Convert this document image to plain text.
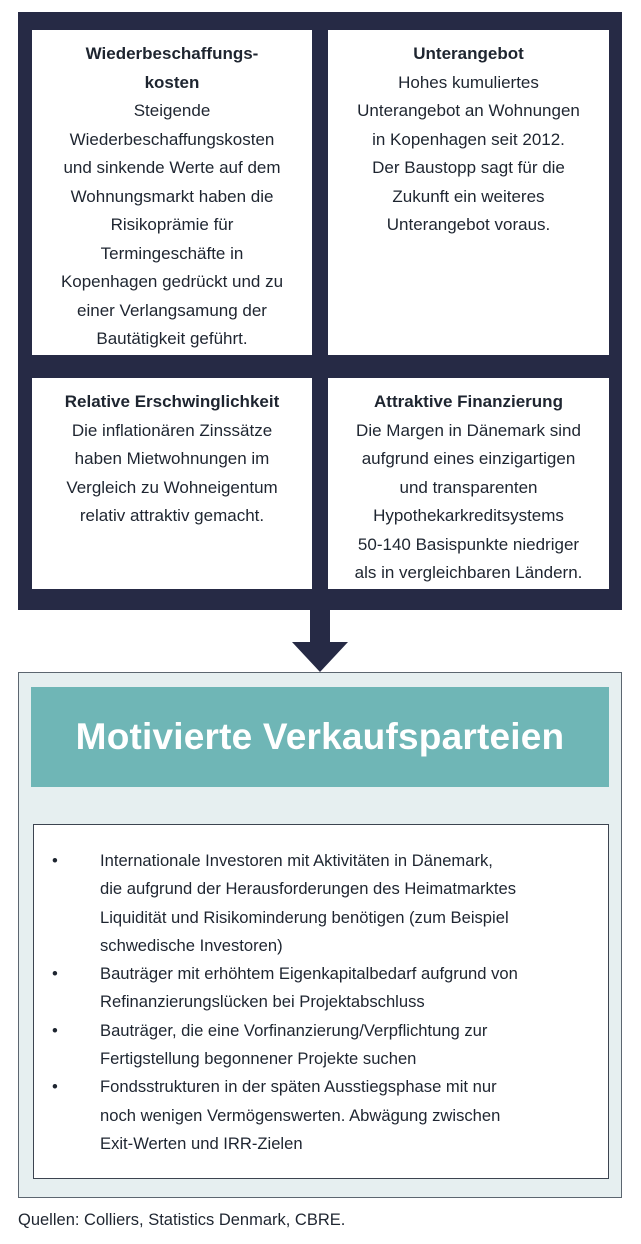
Wiederbeschaffungs-
kosten
Steigende
Wiederbeschaffungskosten
und sinkende Werte auf dem
Wohnungsmarkt haben die
Risikoprämie für
Termingeschäfte in
Kopenhagen gedrückt und zu
einer Verlangsamung der
Bautätigkeit geführt.
Unterangebot
Hohes kumuliertes
Unterangebot an Wohnungen
in Kopenhagen seit 2012.
Der Baustopp sagt für die
Zukunft ein weiteres
Unterangebot voraus.
Relative Erschwinglichkeit
Die inflationären Zinssätze
haben Mietwohnungen im
Vergleich zu Wohneigentum
relativ attraktiv gemacht.
Attraktive Finanzierung
Die Margen in Dänemark sind
aufgrund eines einzigartigen
und transparenten
Hypothekarkreditsystems
50-140 Basispunkte niedriger
als in vergleichbaren Ländern.
Motivierte Verkaufsparteien
•	Internationale Investoren mit Aktivitäten in Dänemark,
die aufgrund der Herausforderungen des Heimatmarktes
Liquidität und Risikominderung benötigen (zum Beispiel
schwedische Investoren)
•	Bauträger mit erhöhtem Eigenkapitalbedarf aufgrund von
Refinanzierungslücken bei Projektabschluss
•	Bauträger, die eine Vorfinanzierung/Verpflichtung zur
Fertigstellung begonnener Projekte suchen
•	Fondsstrukturen in der späten Ausstiegsphase mit nur
noch wenigen Vermögenswerten. Abwägung zwischen
Exit-Werten und IRR-Zielen
Quellen: Colliers, Statistics Denmark, CBRE.
